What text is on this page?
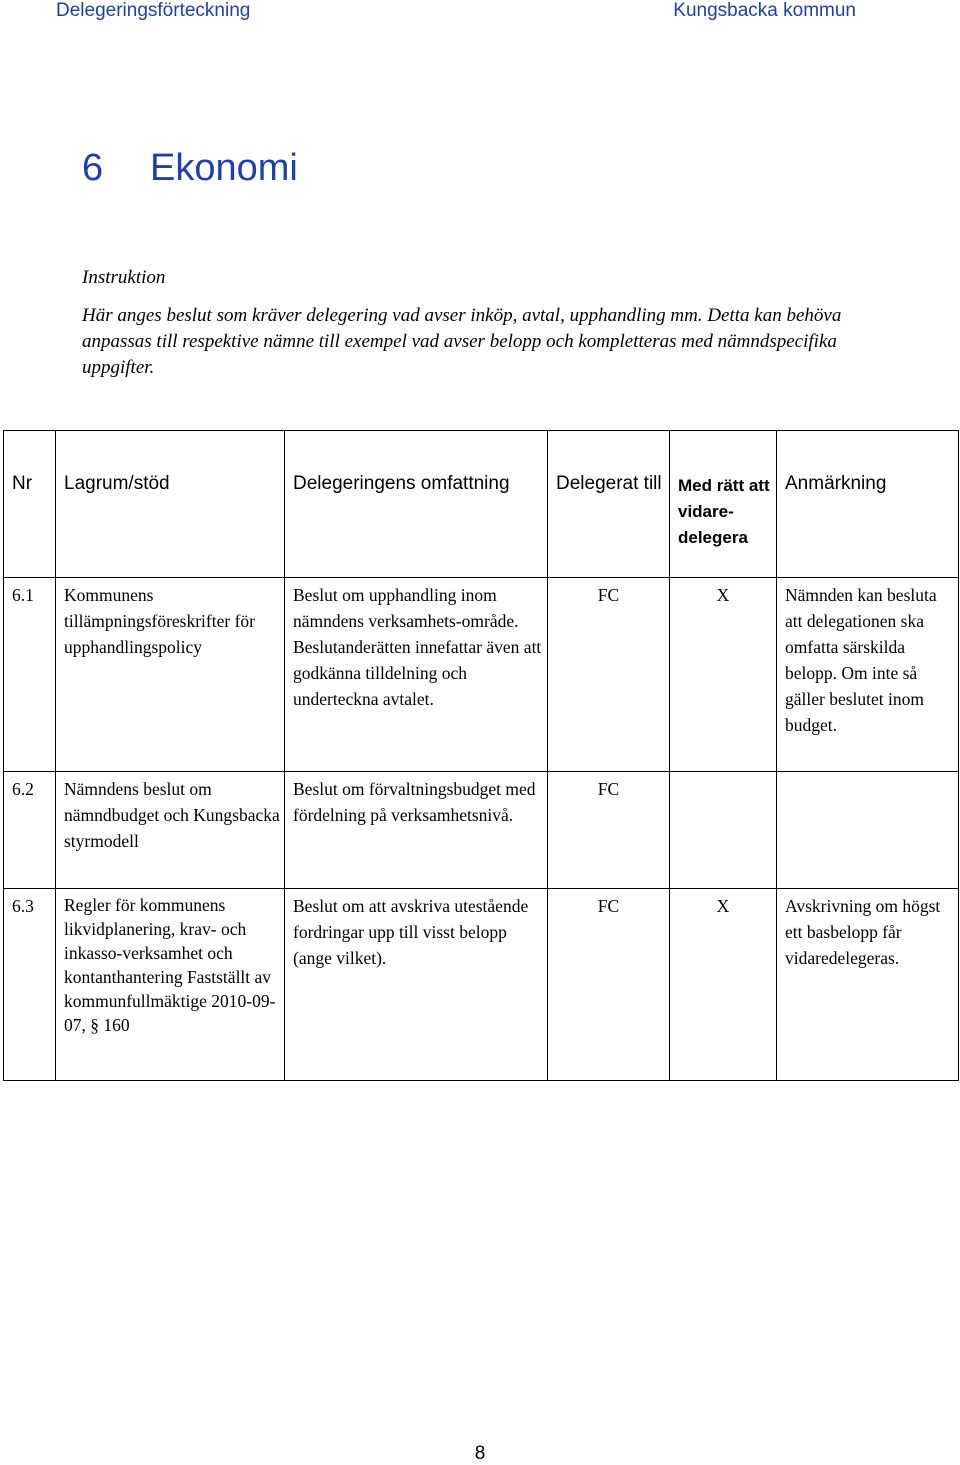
Delegeringsförteckning	Kungsbacka kommun
6 Ekonomi
Instruktion
Här anges beslut som kräver delegering vad avser inköp, avtal, upphandling mm. Detta kan behöva anpassas till respektive nämne till exempel vad avser belopp och kompletteras med nämndspecifika uppgifter.
Nr	Lagrum/stöd	Delegeringens omfattning	Delegerat till	Med rätt att vidare-delegera	Anmärkning
6.1	Kommunens tillämpningsföreskrifter för upphandlingspolicy	Beslut om upphandling inom nämndens verksamhets-område. Beslutanderätten innefattar även att godkänna tilldelning och underteckna avtalet.	FC	X	Nämnden kan besluta att delegationen ska omfatta särskilda belopp. Om inte så gäller beslutet inom budget.
6.2	Nämndens beslut om nämndbudget och Kungsbacka styrmodell	Beslut om förvaltningsbudget med fördelning på verksamhetsnivå.	FC		
6.3	Regler för kommunens likvidplanering, krav- och inkasso-verksamhet och kontanthantering Fastställt av kommunfullmäktige 2010-09-07, § 160	Beslut om att avskriva utestående fordringar upp till visst belopp (ange vilket).	FC	X	Avskrivning om högst ett basbelopp får vidaredelegeras.
8
